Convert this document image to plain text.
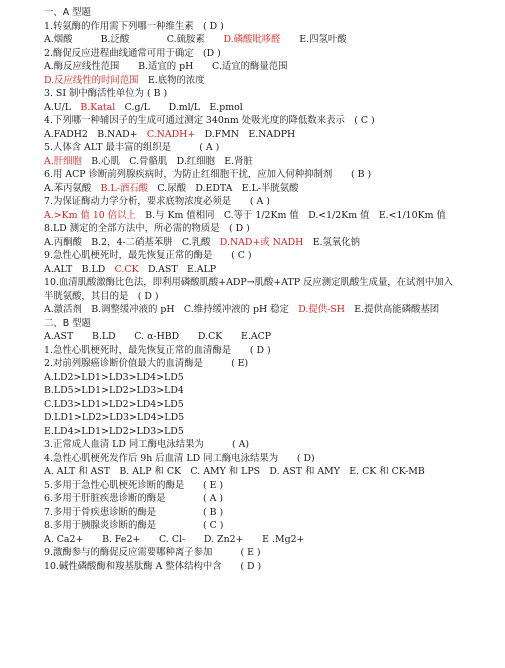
一、A 型题
1.转氨酶的作用需下列哪一种维生素　( D )
A.烟酸　　　B.泛酸　　　　C.硫胺素　　D.磷酸吡哆醛　　E.四氢叶酸
2.酶促反应进程曲线通常可用于确定　(D )
A.酶反应线性范围　　B.适宜的 pH　　C.适宜的酶量范围
D.反应线性的时间范围　E.底物的浓度
3. SI 制中酶活性单位为 ( B )
A.U/L　B.Katal　C.g/L　　D.ml/L　E.pmol
4.下列哪一种辅因子的生成可通过测定 340nm 处吸光度的降低数来表示　( C )
A.FADH2　B.NAD+　C.NADH+　D.FMN　E.NADPH
5.人体含 ALT 最丰富的组织是　　　( A )
A.肝细胞　B.心肌　C.骨骼肌　D.红细胞　E.肾脏
6.用 ACP 诊断前列腺疾病时，为防止红细胞干扰，应加入何种抑制剂　　( B )
A.苯丙氨酸　B.L-酒石酸　C.尿酸　D.EDTA　E.L-半胱氨酸
7.为保证酶动力学分析，要求底物浓度必须是　　( A )
A.>Km 值 10 倍以上　B.与 Km 值相同　C.等于 1/2Km 值　D.<1/2Km 值　E.<1/10Km 值
8.LD 测定的全部方法中，所必需的物质是　( D )
A.丙酮酸　B.2，4-二硝基苯肼　C.乳酸　D.NAD+或 NADH　E.氢氧化钠
9.急性心肌梗死时，最先恢复正常的酶是　　( C )
A.ALT　B.LD　C.CK　D.AST　E.ALP
10.血清肌酸激酶比色法，即利用磷酸肌酸+ADP→肌酸+ATP 反应测定肌酸生成量，在试剂中加入
半胱氨酸，其目的是　( D )
A.激活剂　B.调整缓冲液的 pH　C.维持缓冲液的 pH 稳定　D.提供-SH　E.提供高能磷酸基团
二、B 型题
A.AST　　B.LD　　C. α-HBD　　D.CK　　E.ACP
1.急性心肌梗死时，最先恢复正常的血清酶是　　( D )
2.对前列腺癌诊断价值最大的血清酶是　　　( E)
A.LD2>LD1>LD3>LD4>LD5
B.LD5>LD1>LD2>LD3>LD4
C.LD3>LD1>LD2>LD4>LD5
D.LD1>LD2>LD3>LD4>LD5
E.LD4>LD1>LD2>LD3>LD5
3.正常成人血清 LD 同工酶电泳结果为　　　( A)
4.急性心肌梗死发作后 9h 后血清 LD 同工酶电泳结果为　　( D)
A. ALT 和 AST　B. ALP 和 CK　C. AMY 和 LPS　D. AST 和 AMY　E. CK 和 CK-MB
5.多用于急性心肌梗死诊断的酶是　　( E )
6.多用于肝脏疾患诊断的酶是　　　　( A )
7.多用于骨疾患诊断的酶是　　　　　( B )
8.多用于胰腺炎诊断的酶是　　　　　( C )
A. Ca2+　　B. Fe2+　　C. Cl-　　D. Zn2+　　E .Mg2+
9.激酶参与的酶促反应需要哪种离子参加　　　( E )
10.碱性磷酸酶和羧基肽酶 A 整体结构中含　　( D )
